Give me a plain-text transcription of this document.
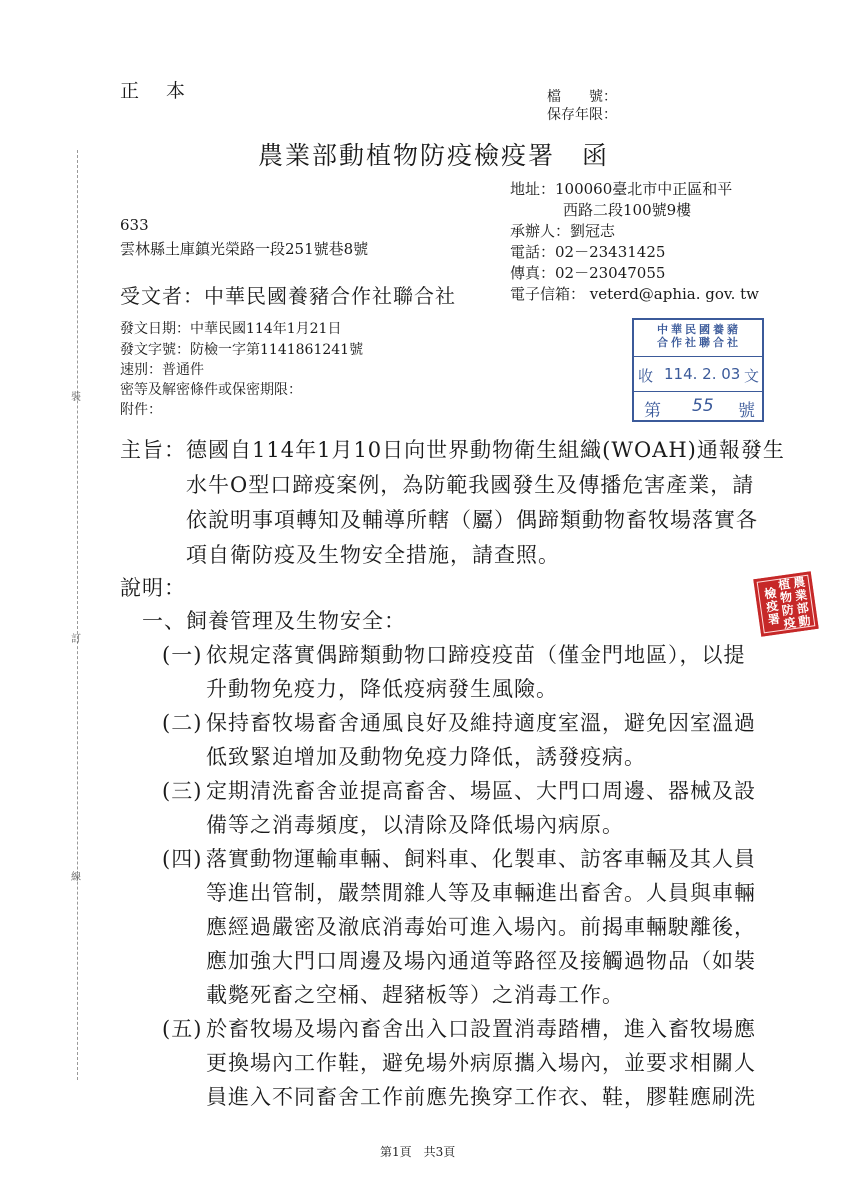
裝
訂
線
正　本	檔　　號：
保存年限：
農業部動植物防疫檢疫署　函
地址：100060臺北市中正區和平
西路二段100號9樓
承辦人：劉冠志
電話：02－23431425
傳真：02－23047055
電子信箱： veterd@aphia. gov. tw
633
雲林縣土庫鎮光榮路一段251號巷8號
受文者：中華民國養豬合作社聯合社
發文日期：中華民國114年1月21日
發文字號：防檢一字第1141861241號
速別：普通件
密等及解密條件或保密期限：
附件：
中華民國養豬
合作社聯合社
收 114. 2. 03 文
第 55 號
農業部動植物防疫檢疫署
主旨： 德國自114年1月10日向世界動物衛生組織(WOAH)通報發生
水牛O型口蹄疫案例，為防範我國發生及傳播危害產業，請
依說明事項轉知及輔導所轄（屬）偶蹄類動物畜牧場落實各
項自衛防疫及生物安全措施，請查照。
說明：
一、飼養管理及生物安全：
(一) 依規定落實偶蹄類動物口蹄疫疫苗（僅金門地區），以提
升動物免疫力，降低疫病發生風險。
(二) 保持畜牧場畜舍通風良好及維持適度室溫，避免因室溫過
低致緊迫增加及動物免疫力降低，誘發疫病。
(三) 定期清洗畜舍並提高畜舍、場區、大門口周邊、器械及設
備等之消毒頻度，以清除及降低場內病原。
(四) 落實動物運輸車輛、飼料車、化製車、訪客車輛及其人員
等進出管制，嚴禁閒雜人等及車輛進出畜舍。人員與車輛
應經過嚴密及澈底消毒始可進入場內。前揭車輛駛離後，
應加強大門口周邊及場內通道等路徑及接觸過物品（如裝
載斃死畜之空桶、趕豬板等）之消毒工作。
(五) 於畜牧場及場內畜舍出入口設置消毒踏槽，進入畜牧場應
更換場內工作鞋，避免場外病原攜入場內，並要求相關人
員進入不同畜舍工作前應先換穿工作衣、鞋，膠鞋應刷洗
第1頁　共3頁
